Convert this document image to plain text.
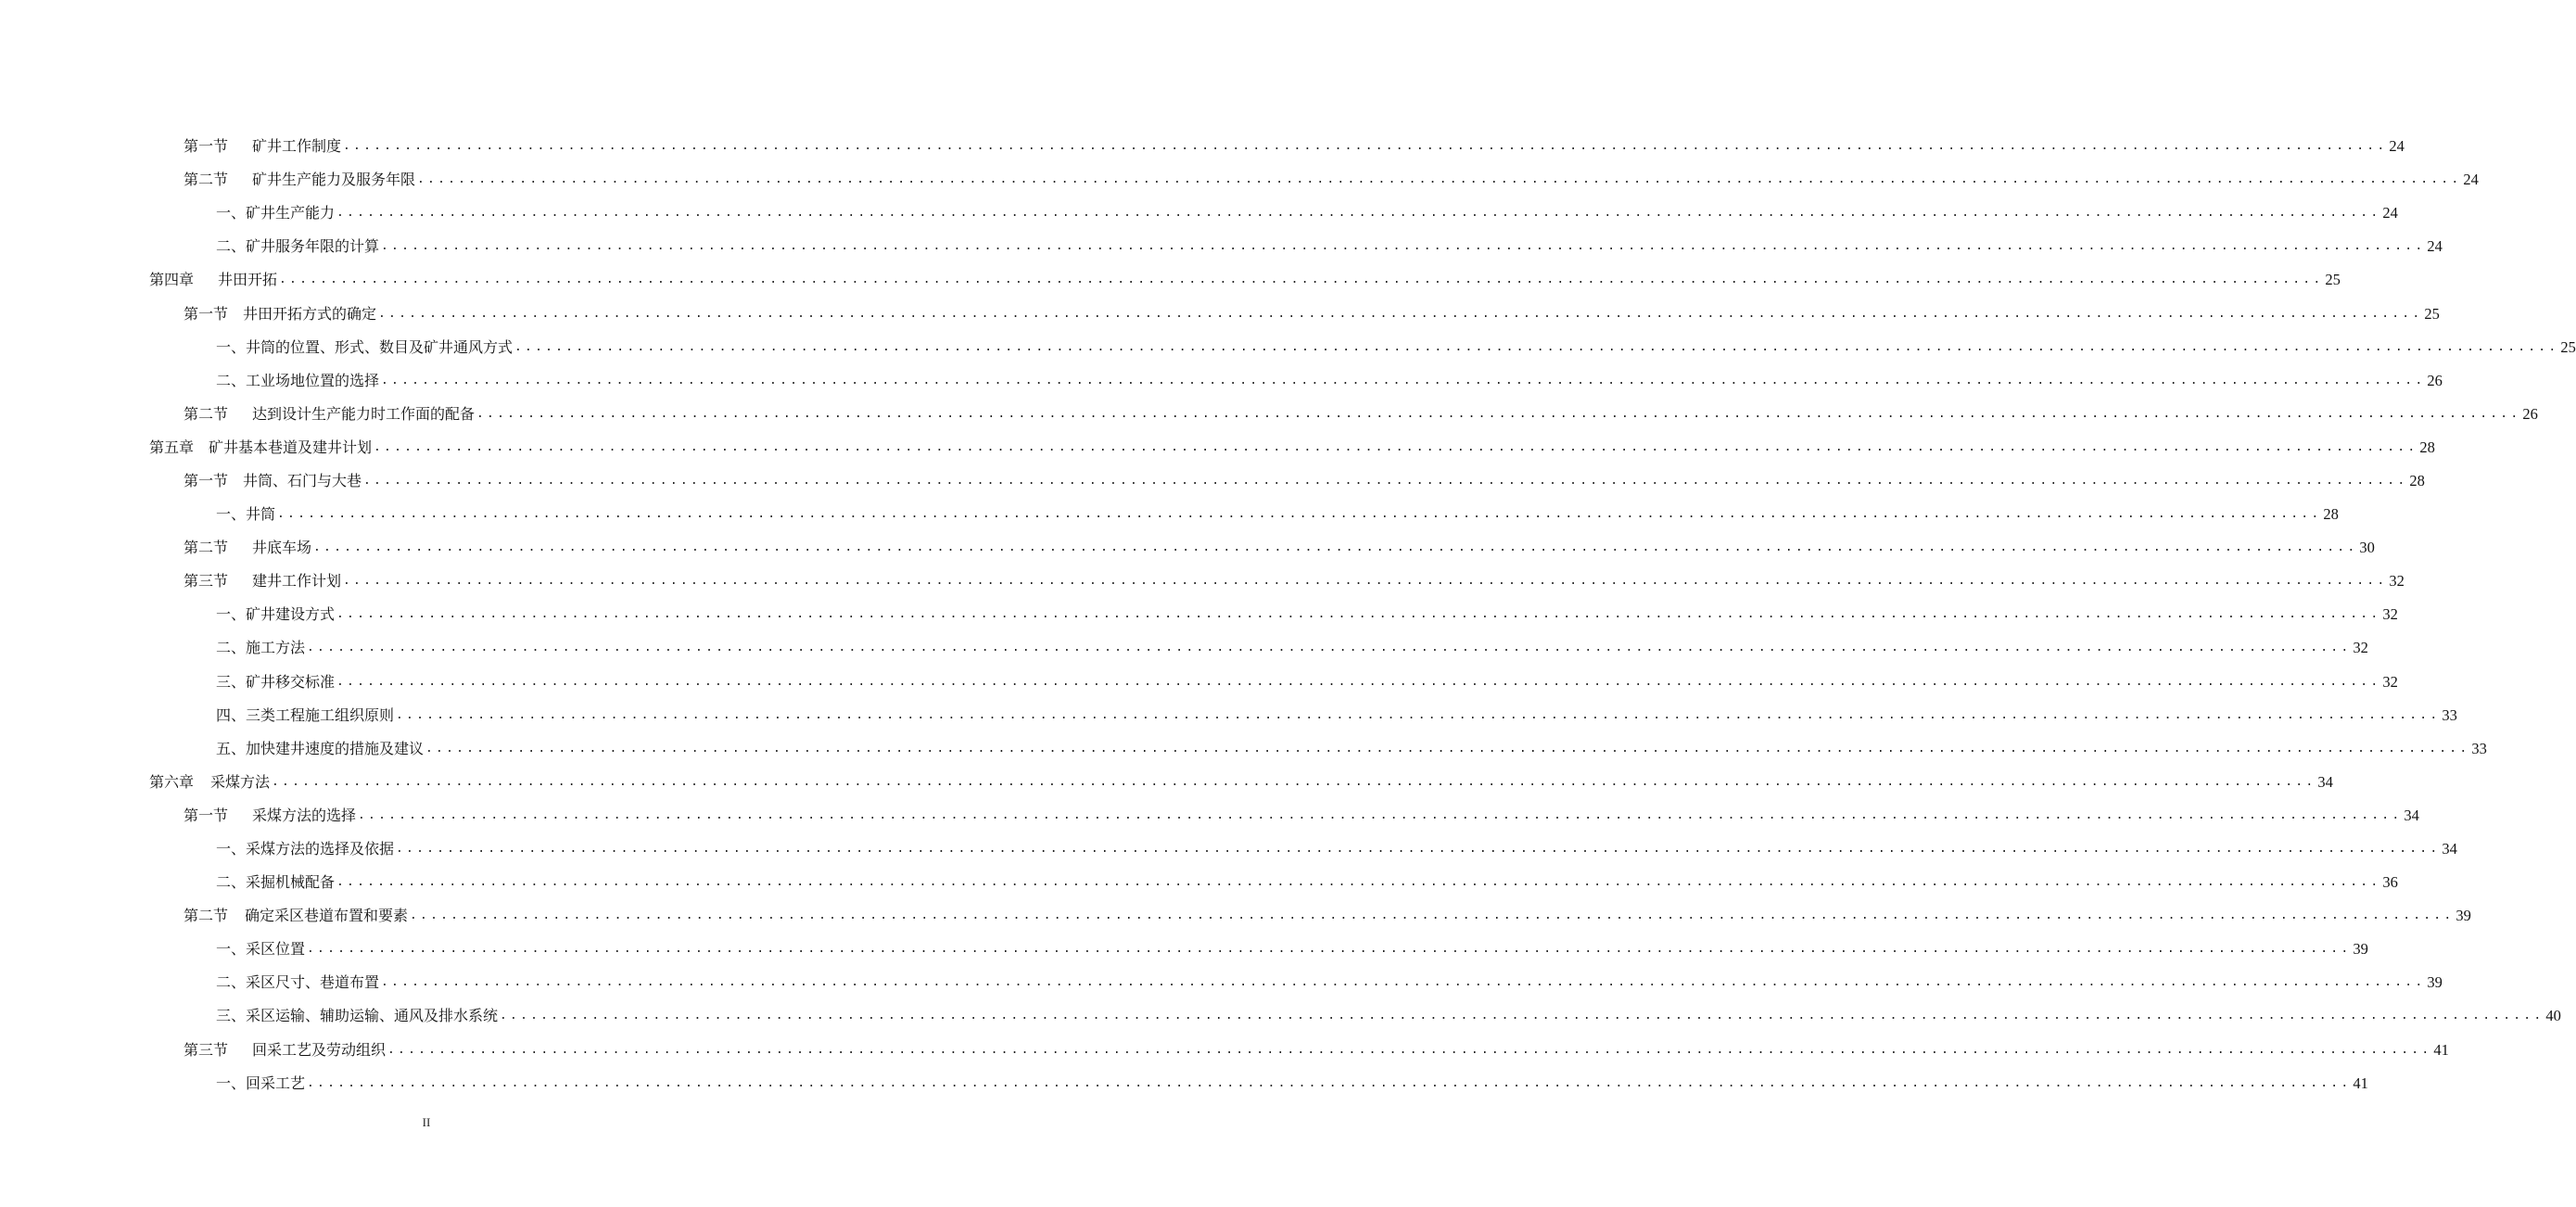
第一节 矿井工作制度 ........................................................................................................................................................................................................ 24
第二节 矿井生产能力及服务年限 ........................................................................................................................................................................................................ 24
一、 矿井生产能力 ........................................................................................................................................................................................................ 24
二、 矿井服务年限的计算 ........................................................................................................................................................................................................ 24
第四章 井田开拓 ........................................................................................................................................................................................................ 25
第一节 井田开拓方式的确定 ........................................................................................................................................................................................................ 25
一、 井筒的位置、形式、数目及矿井通风方式 ........................................................................................................................................................................................................ 25
二、 工业场地位置的选择 ........................................................................................................................................................................................................ 26
第二节 达到设计生产能力时工作面的配备 ........................................................................................................................................................................................................ 26
第五章 矿井基本巷道及建井计划 ........................................................................................................................................................................................................ 28
第一节 井筒、石门与大巷 ........................................................................................................................................................................................................ 28
一、 井筒 ........................................................................................................................................................................................................ 28
第二节 井底车场 ........................................................................................................................................................................................................ 30
第三节 建井工作计划 ........................................................................................................................................................................................................ 32
一、 矿井建设方式 ........................................................................................................................................................................................................ 32
二、 施工方法 ........................................................................................................................................................................................................ 32
三、 矿井移交标准 ........................................................................................................................................................................................................ 32
四、 三类工程施工组织原则 ........................................................................................................................................................................................................ 33
五、 加快建井速度的措施及建议 ........................................................................................................................................................................................................ 33
第六章 采煤方法 ........................................................................................................................................................................................................ 34
第一节 采煤方法的选择 ........................................................................................................................................................................................................ 34
一、 采煤方法的选择及依据 ........................................................................................................................................................................................................ 34
二、 采掘机械配备 ........................................................................................................................................................................................................ 36
第二节 确定采区巷道布置和要素 ........................................................................................................................................................................................................ 39
一、 采区位置 ........................................................................................................................................................................................................ 39
二、 采区尺寸、巷道布置 ........................................................................................................................................................................................................ 39
三、 采区运输、辅助运输、通风及排水系统 ........................................................................................................................................................................................................ 40
第三节 回采工艺及劳动组织 ........................................................................................................................................................................................................ 41
一、 回采工艺 ........................................................................................................................................................................................................ 41
II
